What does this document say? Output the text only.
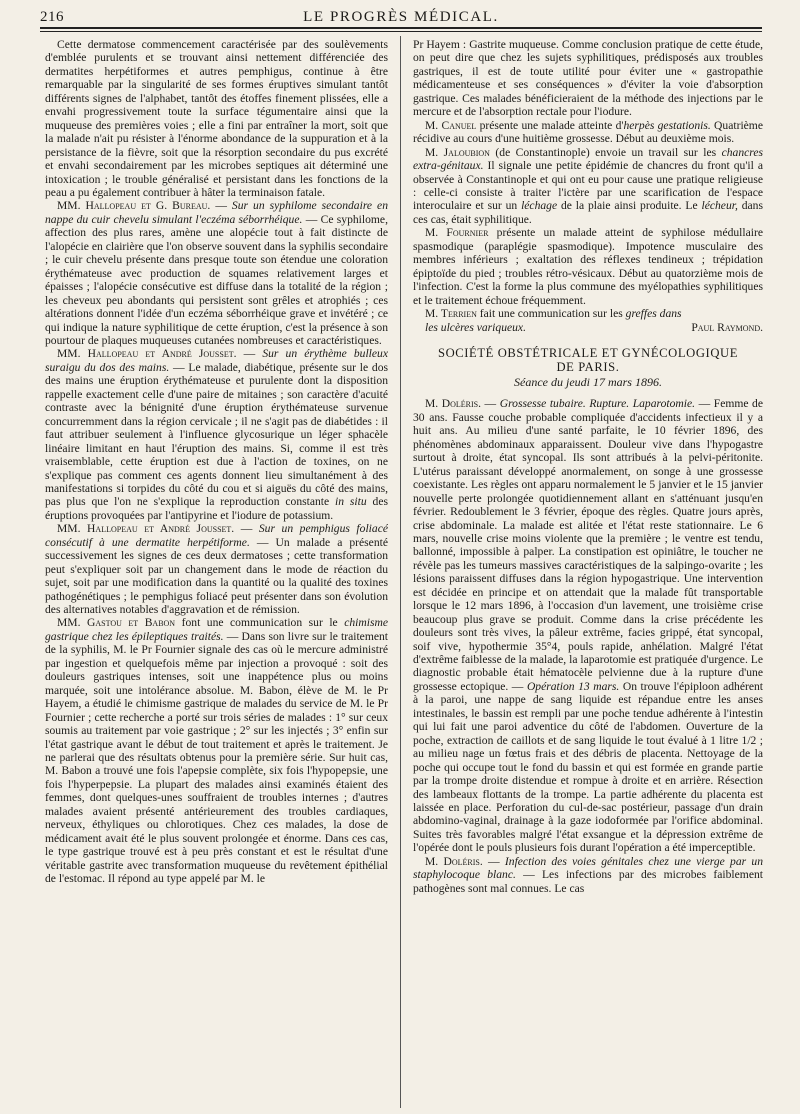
216	LE PROGRÈS MÉDICAL.

Cette dermatose commencement caractérisée par des soulèvements d'emblée purulents et se trouvant ainsi nettement différenciée des dermatites herpétiformes et autres pemphigus, continue à être remarquable par la singularité de ses formes éruptives simulant tantôt différents signes de l'alphabet, tantôt des étoffes finement plissées, elle a envahi progressivement toute la surface tégumentaire ainsi que la muqueuse des premières voies ; elle a fini par entraîner la mort, soit que la malade n'ait pu résister à l'énorme abondance de la suppuration et à la persistance de la fièvre, soit que la résorption secondaire du pus excrété et envahi secondairement par les microbes septiques ait déterminé une intoxication ; le trouble généralisé et persistant dans les fonctions de la peau a pu également contribuer à hâter la terminaison fatale.

MM. Hallopeau et G. Bureau. — Sur un syphilome secondaire en nappe du cuir chevelu simulant l'eczéma séborrhéique. — Ce syphilome, affection des plus rares, amène une alopécie tout à fait distincte de l'alopécie en clairière que l'on observe souvent dans la syphilis secondaire ; le cuir chevelu présente dans presque toute son étendue une coloration érythémateuse avec production de squames relativement larges et épaisses ; l'alopécie consécutive est diffuse dans la totalité de la région ; les cheveux peu abondants qui persistent sont grêles et atrophiés ; ces altérations donnent l'idée d'un eczéma séborrhéique grave et invétéré ; ce qui indique la nature syphilitique de cette éruption, c'est la présence à son pourtour de plaques muqueuses cutanées nombreuses et caractéristiques.

MM. Hallopeau et André Jousset. — Sur un érythème bulleux suraigu du dos des mains. — Le malade, diabétique, présente sur le dos des mains une éruption érythémateuse et purulente dont la disposition rappelle exactement celle d'une paire de mitaines ; son caractère d'acuité contraste avec la bénignité d'une éruption érythémateuse survenue concurremment dans la région cervicale ; il ne s'agit pas de diabétides : il faut attribuer seulement à l'influence glycosurique un léger sphacèle linéaire limitant en haut l'éruption des mains. Si, comme il est très vraisemblable, cette éruption est due à l'action de toxines, on ne s'explique pas comment ces agents donnent lieu simultanément à des manifestations si torpides du côté du cou et si aiguës du côté des mains, pas plus que l'on ne s'explique la reproduction constante in situ des éruptions provoquées par l'antipyrine et l'iodure de potassium.

MM. Hallopeau et André Jousset. — Sur un pemphigus foliacé consécutif à une dermatite herpétiforme. — Un malade a présenté successivement les signes de ces deux dermatoses ; cette transformation peut s'expliquer soit par un changement dans le mode de réaction du sujet, soit par une modification dans la quantité ou la qualité des toxines pathogénétiques ; le pemphigus foliacé peut présenter dans son évolution des alternatives notables d'aggravation et de rémission.

MM. Gastou et Babon font une communication sur le chimisme gastrique chez les épileptiques traités. — Dans son livre sur le traitement de la syphilis, M. le Pr Fournier signale des cas où le mercure administré par ingestion et quelquefois même par injection a provoqué : soit des douleurs gastriques intenses, soit une inappétence plus ou moins marquée, soit une intolérance absolue. M. Babon, élève de M. le Pr Hayem, a étudié le chimisme gastrique de malades du service de M. le Pr Fournier ; cette recherche a porté sur trois séries de malades : 1° sur ceux soumis au traitement par voie gastrique ; 2° sur les injectés ; 3° enfin sur l'état gastrique avant le début de tout traitement et après le traitement. Je ne parlerai que des résultats obtenus pour la première série. Sur huit cas, M. Babon a trouvé une fois l'apepsie complète, six fois l'hypopepsie, une fois l'hyperpepsie. La plupart des malades ainsi examinés étaient des femmes, dont quelques-unes souffraient de troubles internes ; d'autres malades avaient présenté antérieurement des troubles cardiaques, nerveux, éthyliques ou chlorotiques. Chez ces malades, la dose de médicament avait été le plus souvent prolongée et énorme. Dans ces cas, le type gastrique trouvé est à peu près constant et est le résultat d'une véritable gastrite avec transformation muqueuse du revêtement épithélial de l'estomac. Il répond au type appelé par M. le

Pr Hayem : Gastrite muqueuse. Comme conclusion pratique de cette étude, on peut dire que chez les sujets syphilitiques, prédisposés aux troubles gastriques, il est de toute utilité pour éviter une « gastropathie médicamenteuse et ses conséquences » d'éviter la voie d'absorption gastrique. Ces malades bénéficieraient de la méthode des injections par le mercure et de l'absorption rectale pour l'iodure.

M. Canuel présente une malade atteinte d'herpès gestationis. Quatrième récidive au cours d'une huitième grossesse. Début au deuxième mois.

M. Jaloubion (de Constantinople) envoie un travail sur les chancres extra-génitaux. Il signale une petite épidémie de chancres du front qu'il a observée à Constantinople et qui ont eu pour cause une pratique religieuse : celle-ci consiste à traiter l'ictère par une scarification de l'espace interoculaire et sur un léchage de la plaie ainsi produite. Le lécheur, dans ces cas, était syphilitique.

M. Fournier présente un malade atteint de syphilose médullaire spasmodique (paraplégie spasmodique). Impotence musculaire des membres inférieurs ; exaltation des réflexes tendineux ; trépidation épiptoïde du pied ; troubles rétro-vésicaux. Début au quatorzième mois de l'infection. C'est la forme la plus commune des myélopathies syphilitiques et le traitement échoue fréquemment.

M. Terrien fait une communication sur les greffes dans

les ulcères variqueux.	Paul Raymond.
SOCIÉTÉ OBSTÉTRICALE ET GYNÉCOLOGIQUE
DE PARIS.
Séance du jeudi 17 mars 1896.

M. Doléris. — Grossesse tubaire. Rupture. Laparotomie. — Femme de 30 ans. Fausse couche probable compliquée d'accidents infectieux il y a huit ans. Au milieu d'une santé parfaite, le 10 février 1896, des phénomènes abdominaux apparaissent. Douleur vive dans l'hypogastre surtout à droite, état syncopal. Ils sont attribués à la pelvi-péritonite. L'utérus paraissant développé anormalement, on songe à une grossesse coexistante. Les règles ont apparu normalement le 5 janvier et le 15 janvier nouvelle perte prolongée quotidiennement allant en s'atténuant jusqu'en février. Redoublement le 3 février, époque des règles. Quatre jours après, crise abdominale. La malade est alitée et l'état reste stationnaire. Le 6 mars, nouvelle crise moins violente que la première ; le ventre est tendu, ballonné, impossible à palper. La constipation est opiniâtre, le toucher ne révèle pas les tumeurs massives caractéristiques de la salpingo-ovarite ; les lésions paraissent diffuses dans la région hypogastrique. Une intervention est décidée en principe et on attendait que la malade fût transportable lorsque le 12 mars 1896, à l'occasion d'un lavement, une troisième crise beaucoup plus grave se produit. Comme dans la crise précédente les douleurs sont très vives, la pâleur extrême, facies grippé, état syncopal, soif vive, hypothermie 35°4, pouls rapide, anhélation. Malgré l'état d'extrême faiblesse de la malade, la laparotomie est pratiquée d'urgence. Le diagnostic probable était hématocèle pelvienne due à la rupture d'une grossesse ectopique. — Opération 13 mars. On trouve l'épiploon adhérent à la paroi, une nappe de sang liquide est répandue entre les anses intestinales, le bassin est rempli par une poche tendue adhérente à l'intestin qui lui fait une paroi adventice du côté de l'abdomen. Ouverture de la poche, extraction de caillots et de sang liquide le tout évalué à 1 litre 1/2 ; au milieu nage un fœtus frais et des débris de placenta. Nettoyage de la poche qui occupe tout le fond du bassin et qui est formée en grande partie par la trompe droite distendue et rompue à droite et en arrière. Résection des lambeaux flottants de la trompe. La partie adhérente du placenta est laissée en place. Perforation du cul-de-sac postérieur, passage d'un drain abdomino-vaginal, drainage à la gaze iodoformée par l'orifice abdominal. Suites très favorables malgré l'état exsangue et la dépression extrême de l'opérée dont le pouls plusieurs fois durant l'opération a été imperceptible.

M. Doléris. — Infection des voies génitales chez une vierge par un staphylocoque blanc. — Les infections par des microbes faiblement pathogènes sont mal connues. Le cas
